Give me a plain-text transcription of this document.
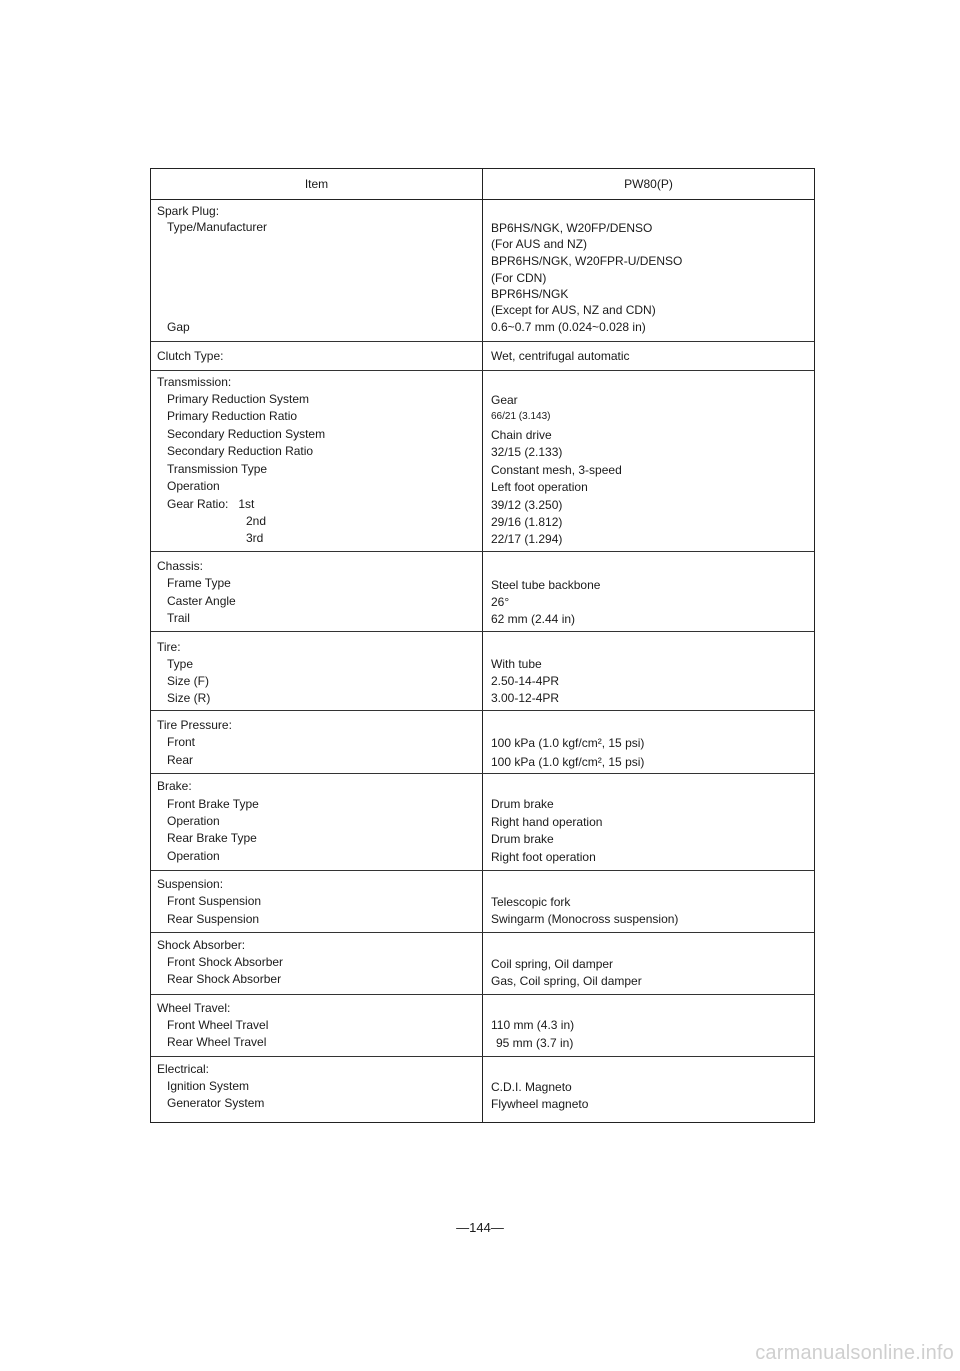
Item	PW80(P)
Spark Plug:
Type/Manufacturer
Gap
BP6HS/NGK, W20FP/DENSO
(For AUS and NZ)
BPR6HS/NGK, W20FPR-U/DENSO
(For CDN)
BPR6HS/NGK
(Except for AUS, NZ and CDN)
0.6~0.7 mm (0.024~0.028 in)
Clutch Type:	Wet, centrifugal automatic
Transmission:
Primary Reduction System
Primary Reduction Ratio
Secondary Reduction System
Secondary Reduction Ratio
Transmission Type
Operation
Gear Ratio:   1st
2nd
3rd
Gear
66/21 (3.143)
Chain drive
32/15 (2.133)
Constant mesh, 3-speed
Left foot operation
39/12 (3.250)
29/16 (1.812)
22/17 (1.294)
Chassis:
Frame Type
Caster Angle
Trail
Steel tube backbone
26°
62 mm (2.44 in)
Tire:
Type
Size (F)
Size (R)
With tube
2.50-14-4PR
3.00-12-4PR
Tire Pressure:
Front
Rear
100 kPa (1.0 kgf/cm², 15 psi)
100 kPa (1.0 kgf/cm², 15 psi)
Brake:
Front Brake Type
Operation
Rear Brake Type
Operation
Drum brake
Right hand operation
Drum brake
Right foot operation
Suspension:
Front Suspension
Rear Suspension
Telescopic fork
Swingarm (Monocross suspension)
Shock Absorber:
Front Shock Absorber
Rear Shock Absorber
Coil spring, Oil damper
Gas, Coil spring, Oil damper
Wheel Travel:
Front Wheel Travel
Rear Wheel Travel
110 mm (4.3 in)
95 mm (3.7 in)
Electrical:
Ignition System
Generator System
C.D.I. Magneto
Flywheel magneto
—144—
carmanualsonline.info
